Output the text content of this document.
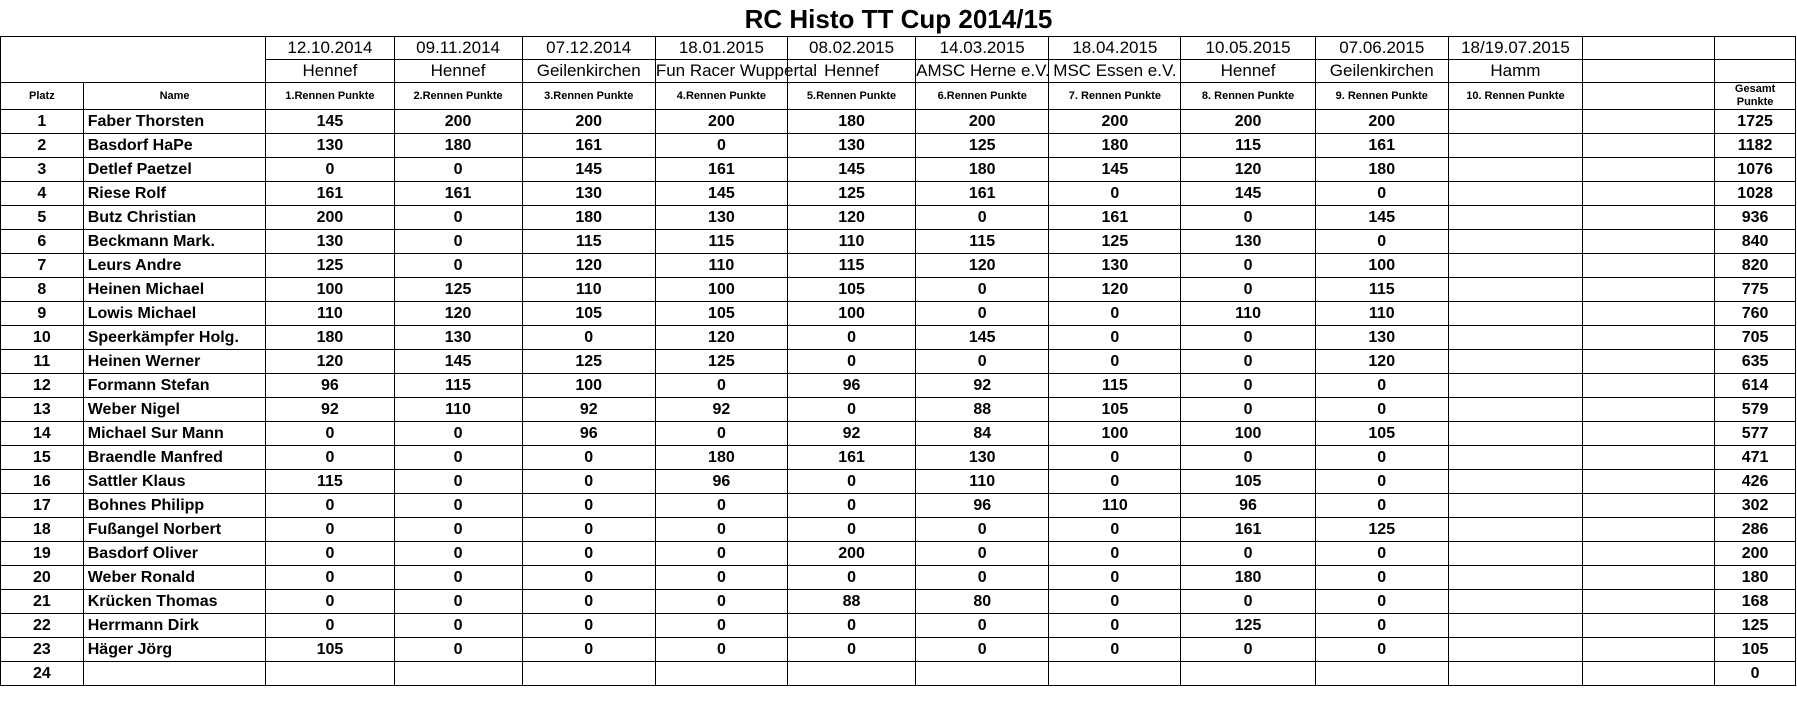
RC Histo TT Cup 2014/15
		12.10.2014	09.11.2014	07.12.2014	18.01.2015	08.02.2015	14.03.2015	18.04.2015	10.05.2015	07.06.2015	18/19.07.2015		
		Hennef	Hennef	Geilenkirchen	Fun Racer Wuppertal	Hennef	AMSC Herne e.V.	MSC Essen e.V.	Hennef	Geilenkirchen	Hamm		
Platz	Name	1.Rennen Punkte	2.Rennen Punkte	3.Rennen Punkte	4.Rennen Punkte	5.Rennen Punkte	6.Rennen Punkte	7. Rennen Punkte	8. Rennen Punkte	9. Rennen Punkte	10. Rennen Punkte		Gesamt
Punkte

1	Faber Thorsten	145	200	200	200	180	200	200	200	200			1725
2	Basdorf HaPe	130	180	161	0	130	125	180	115	161			1182
3	Detlef Paetzel	0	0	145	161	145	180	145	120	180			1076
4	Riese Rolf	161	161	130	145	125	161	0	145	0			1028
5	Butz Christian	200	0	180	130	120	0	161	0	145			936
6	Beckmann Mark.	130	0	115	115	110	115	125	130	0			840
7	Leurs Andre	125	0	120	110	115	120	130	0	100			820
8	Heinen Michael	100	125	110	100	105	0	120	0	115			775
9	Lowis Michael	110	120	105	105	100	0	0	110	110			760
10	Speerkämpfer Holg.	180	130	0	120	0	145	0	0	130			705
11	Heinen Werner	120	145	125	125	0	0	0	0	120			635
12	Formann Stefan	96	115	100	0	96	92	115	0	0			614
13	Weber Nigel	92	110	92	92	0	88	105	0	0			579
14	Michael Sur Mann	0	0	96	0	92	84	100	100	105			577
15	Braendle Manfred	0	0	0	180	161	130	0	0	0			471
16	Sattler Klaus	115	0	0	96	0	110	0	105	0			426
17	Bohnes Philipp	0	0	0	0	0	96	110	96	0			302
18	Fußangel Norbert	0	0	0	0	0	0	0	161	125			286
19	Basdorf Oliver	0	0	0	0	200	0	0	0	0			200
20	Weber Ronald	0	0	0	0	0	0	0	180	0			180
21	Krücken Thomas	0	0	0	0	88	80	0	0	0			168
22	Herrmann Dirk	0	0	0	0	0	0	0	125	0			125
23	Häger Jörg	105	0	0	0	0	0	0	0	0			105
24													0
